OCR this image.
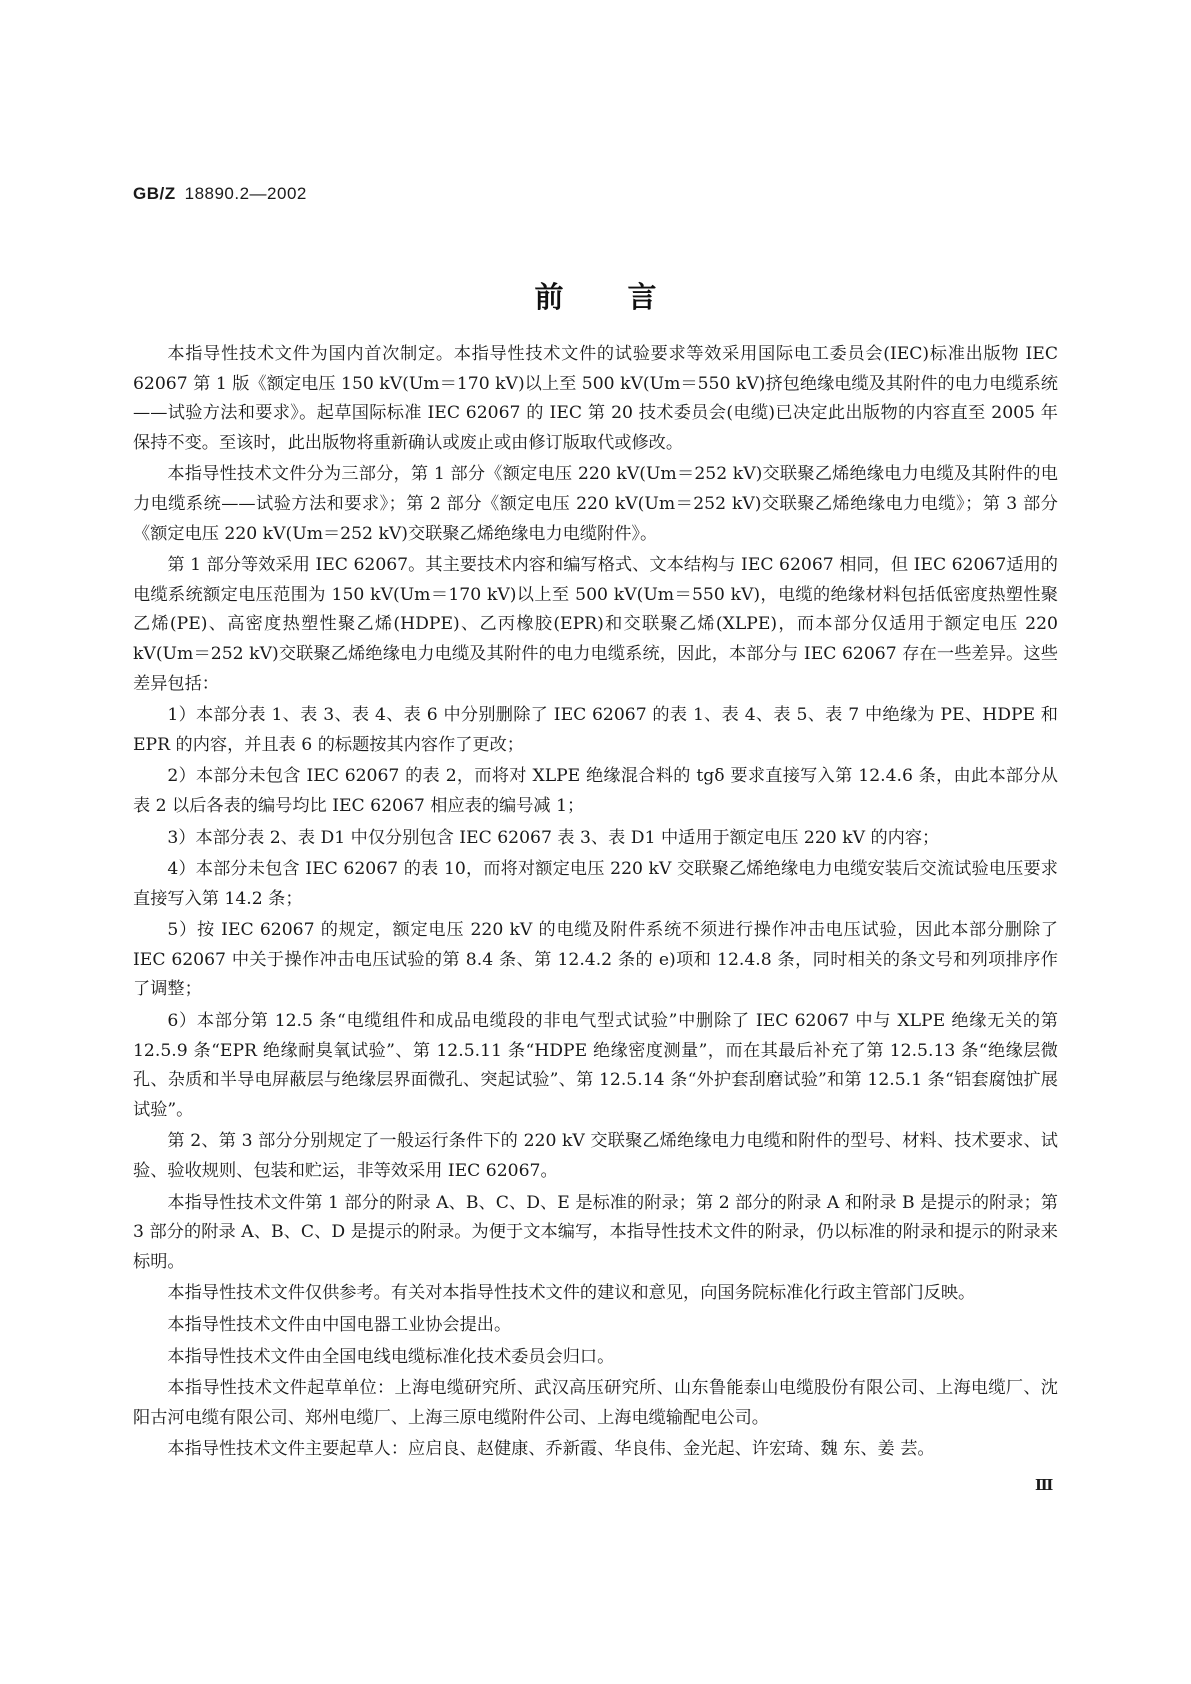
GB/Z 18890.2—2002
前言

本指导性技术文件为国内首次制定。本指导性技术文件的试验要求等效采用国际电工委员会(IEC)标准出版物 IEC 62067 第 1 版《额定电压 150 kV(Um＝170 kV)以上至 500 kV(Um＝550 kV)挤包绝缘电缆及其附件的电力电缆系统——试验方法和要求》。起草国际标准 IEC 62067 的 IEC 第 20 技术委员会(电缆)已决定此出版物的内容直至 2005 年保持不变。至该时，此出版物将重新确认或废止或由修订版取代或修改。

本指导性技术文件分为三部分，第 1 部分《额定电压 220 kV(Um＝252 kV)交联聚乙烯绝缘电力电缆及其附件的电力电缆系统——试验方法和要求》；第 2 部分《额定电压 220 kV(Um＝252 kV)交联聚乙烯绝缘电力电缆》；第 3 部分《额定电压 220 kV(Um＝252 kV)交联聚乙烯绝缘电力电缆附件》。

第 1 部分等效采用 IEC 62067。其主要技术内容和编写格式、文本结构与 IEC 62067 相同，但 IEC 62067适用的电缆系统额定电压范围为 150 kV(Um＝170 kV)以上至 500 kV(Um＝550 kV)，电缆的绝缘材料包括低密度热塑性聚乙烯(PE)、高密度热塑性聚乙烯(HDPE)、乙丙橡胶(EPR)和交联聚乙烯(XLPE)，而本部分仅适用于额定电压 220 kV(Um＝252 kV)交联聚乙烯绝缘电力电缆及其附件的电力电缆系统，因此，本部分与 IEC 62067 存在一些差异。这些差异包括：

1）本部分表 1、表 3、表 4、表 6 中分别删除了 IEC 62067 的表 1、表 4、表 5、表 7 中绝缘为 PE、HDPE 和 EPR 的内容，并且表 6 的标题按其内容作了更改；

2）本部分未包含 IEC 62067 的表 2，而将对 XLPE 绝缘混合料的 tgδ 要求直接写入第 12.4.6 条，由此本部分从表 2 以后各表的编号均比 IEC 62067 相应表的编号减 1；

3）本部分表 2、表 D1 中仅分别包含 IEC 62067 表 3、表 D1 中适用于额定电压 220 kV 的内容；

4）本部分未包含 IEC 62067 的表 10，而将对额定电压 220 kV 交联聚乙烯绝缘电力电缆安装后交流试验电压要求直接写入第 14.2 条；

5）按 IEC 62067 的规定，额定电压 220 kV 的电缆及附件系统不须进行操作冲击电压试验，因此本部分删除了 IEC 62067 中关于操作冲击电压试验的第 8.4 条、第 12.4.2 条的 e)项和 12.4.8 条，同时相关的条文号和列项排序作了调整；

6）本部分第 12.5 条“电缆组件和成品电缆段的非电气型式试验”中删除了 IEC 62067 中与 XLPE 绝缘无关的第 12.5.9 条“EPR 绝缘耐臭氧试验”、第 12.5.11 条“HDPE 绝缘密度测量”，而在其最后补充了第 12.5.13 条“绝缘层微孔、杂质和半导电屏蔽层与绝缘层界面微孔、突起试验”、第 12.5.14 条“外护套刮磨试验”和第 12.5.1 条“铝套腐蚀扩展试验”。

第 2、第 3 部分分别规定了一般运行条件下的 220 kV 交联聚乙烯绝缘电力电缆和附件的型号、材料、技术要求、试验、验收规则、包装和贮运，非等效采用 IEC 62067。

本指导性技术文件第 1 部分的附录 A、B、C、D、E 是标准的附录；第 2 部分的附录 A 和附录 B 是提示的附录；第 3 部分的附录 A、B、C、D 是提示的附录。为便于文本编写，本指导性技术文件的附录，仍以标准的附录和提示的附录来标明。

本指导性技术文件仅供参考。有关对本指导性技术文件的建议和意见，向国务院标准化行政主管部门反映。

本指导性技术文件由中国电器工业协会提出。

本指导性技术文件由全国电线电缆标准化技术委员会归口。

本指导性技术文件起草单位：上海电缆研究所、武汉高压研究所、山东鲁能泰山电缆股份有限公司、上海电缆厂、沈阳古河电缆有限公司、郑州电缆厂、上海三原电缆附件公司、上海电缆输配电公司。

本指导性技术文件主要起草人：应启良、赵健康、乔新霞、华良伟、金光起、许宏琦、魏 东、姜 芸。

Ⅲ
